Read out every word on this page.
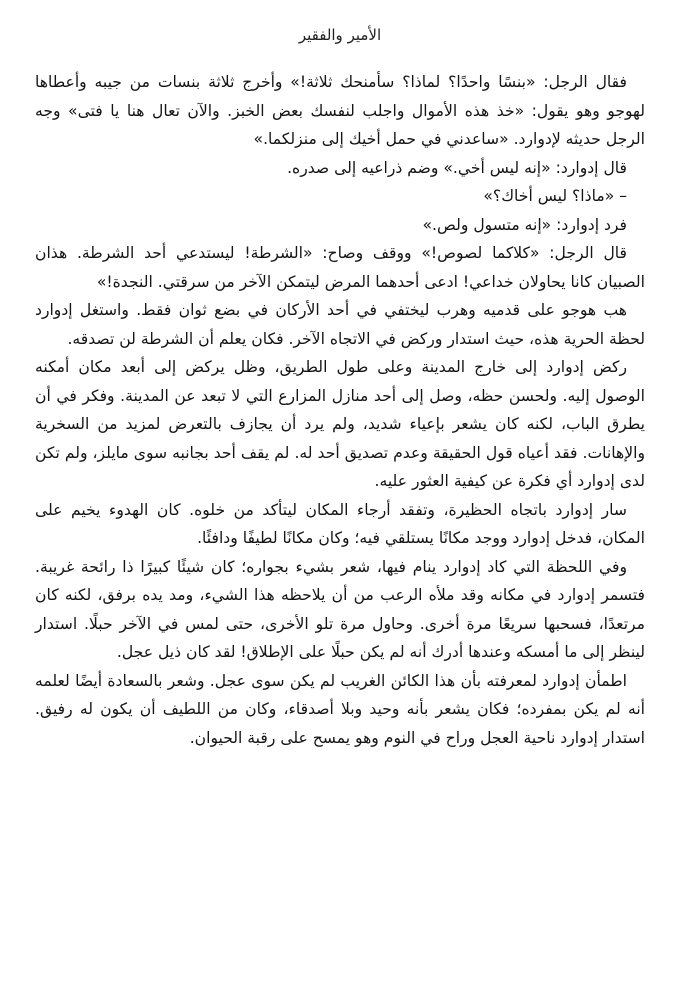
الأمير والفقير

فقال الرجل: «بنسًا واحدًا؟ لماذا؟ سأمنحك ثلاثة!» وأخرج ثلاثة بنسات من جيبه وأعطاها لهوجو وهو يقول: «خذ هذه الأموال واجلب لنفسك بعض الخبز. والآن تعال هنا يا فتى» وجه الرجل حديثه لإدوارد. «ساعدني في حمل أخيك إلى منزلكما.»

قال إدوارد: «إنه ليس أخي.» وضم ذراعيه إلى صدره.

– «ماذا؟ ليس أخاك؟»

فرد إدوارد: «إنه متسول ولص.»

قال الرجل: «كلاكما لصوص!» ووقف وصاح: «الشرطة! ليستدعي أحد الشرطة. هذان الصبيان كانا يحاولان خداعي! ادعى أحدهما المرض ليتمكن الآخر من سرقتي. النجدة!»

هب هوجو على قدميه وهرب ليختفي في أحد الأركان في بضع ثوان فقط. واستغل إدوارد لحظة الحرية هذه، حيث استدار وركض في الاتجاه الآخر. فكان يعلم أن الشرطة لن تصدقه.

ركض إدوارد إلى خارج المدينة وعلى طول الطريق، وظل يركض إلى أبعد مكان أمكنه الوصول إليه. ولحسن حظه، وصل إلى أحد منازل المزارع التي لا تبعد عن المدينة. وفكر في أن يطرق الباب، لكنه كان يشعر بإعياء شديد، ولم يرد أن يجازف بالتعرض لمزيد من السخرية والإهانات. فقد أعياه قول الحقيقة وعدم تصديق أحد له. لم يقف أحد بجانبه سوى مايلز، ولم تكن لدى إدوارد أي فكرة عن كيفية العثور عليه.

سار إدوارد باتجاه الحظيرة، وتفقد أرجاء المكان ليتأكد من خلوه. كان الهدوء يخيم على المكان، فدخل إدوارد ووجد مكانًا يستلقي فيه؛ وكان مكانًا لطيفًا ودافئًا.

وفي اللحظة التي كاد إدوارد ينام فيها، شعر بشيء بجواره؛ كان شيئًا كبيرًا ذا رائحة غريبة. فتسمر إدوارد في مكانه وقد ملأه الرعب من أن يلاحظه هذا الشيء، ومد يده برفق، لكنه كان مرتعدًا، فسحبها سريعًا مرة أخرى. وحاول مرة تلو الأخرى، حتى لمس في الآخر حبلًا. استدار لينظر إلى ما أمسكه وعندها أدرك أنه لم يكن حبلًا على الإطلاق! لقد كان ذيل عجل.

اطمأن إدوارد لمعرفته بأن هذا الكائن الغريب لم يكن سوى عجل. وشعر بالسعادة أيضًا لعلمه أنه لم يكن بمفرده؛ فكان يشعر بأنه وحيد وبلا أصدقاء، وكان من اللطيف أن يكون له رفيق. استدار إدوارد ناحية العجل وراح في النوم وهو يمسح على رقبة الحيوان.
